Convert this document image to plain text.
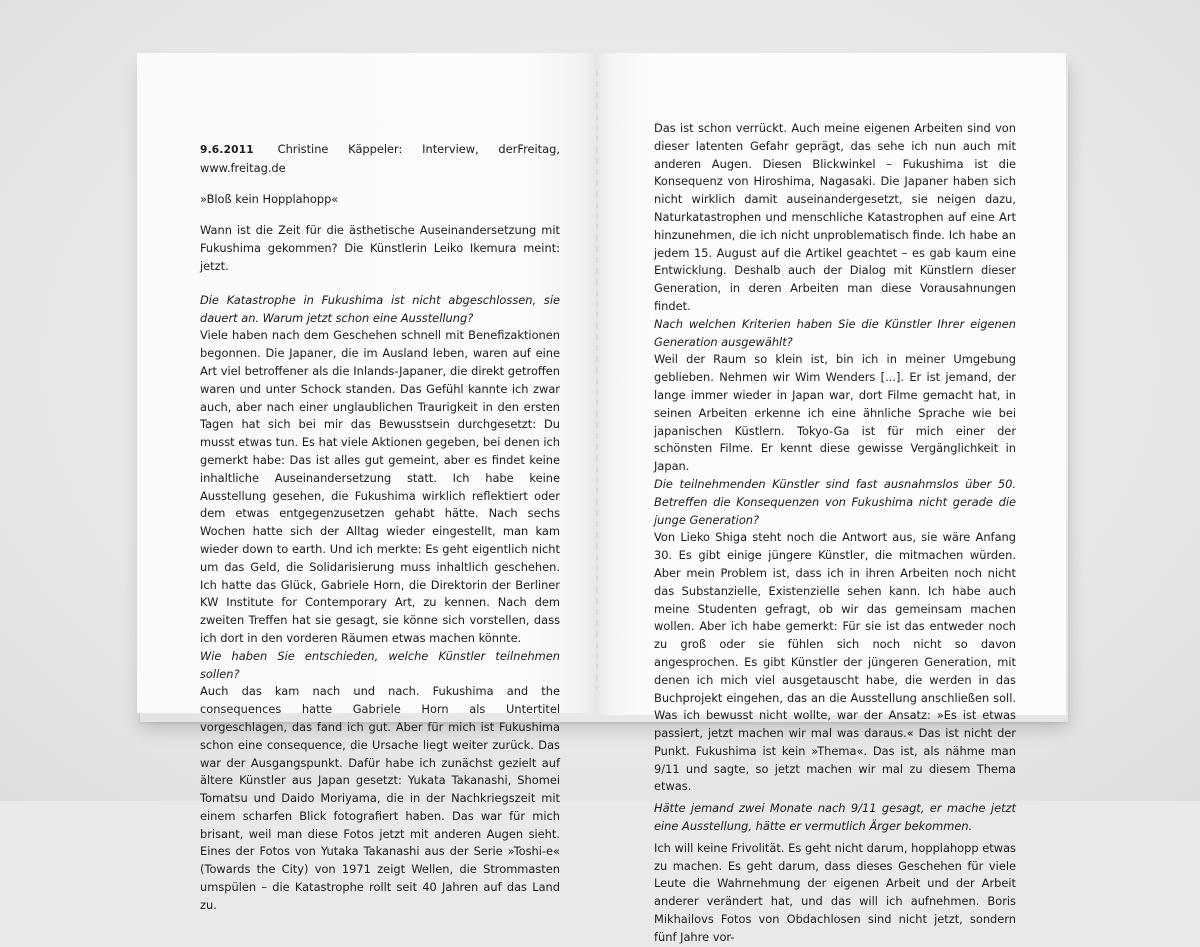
9.6.2011 Christine Käppeler: Interview, derFreitag, www.freitag.de

»Bloß kein Hopplahopp«

Wann ist die Zeit für die ästhetische Auseinandersetzung mit Fukushima gekommen? Die Künstlerin Leiko Ikemura meint: jetzt.

Die Katastrophe in Fukushima ist nicht abgeschlossen, sie dauert an. Warum jetzt schon eine Ausstellung?

Viele haben nach dem Geschehen schnell mit Benefizaktionen begonnen. Die Japaner, die im Ausland leben, waren auf eine Art viel betroffener als die Inlands-Japaner, die direkt getroffen waren und unter Schock standen. Das Gefühl kannte ich zwar auch, aber nach einer unglaublichen Traurigkeit in den ersten Tagen hat sich bei mir das Bewusstsein durchgesetzt: Du musst etwas tun. Es hat viele Aktionen gegeben, bei denen ich gemerkt habe: Das ist alles gut gemeint, aber es findet keine inhaltliche Auseinandersetzung statt. Ich habe keine Ausstellung gesehen, die Fukushima wirklich reflektiert oder dem etwas entgegenzusetzen gehabt hätte. Nach sechs Wochen hatte sich der Alltag wieder eingestellt, man kam wieder down to earth. Und ich merkte: Es geht eigentlich nicht um das Geld, die Solidarisierung muss inhaltlich geschehen. Ich hatte das Glück, Gabriele Horn, die Direktorin der Berliner KW Institute for Contemporary Art, zu kennen. Nach dem zweiten Treffen hat sie gesagt, sie könne sich vorstellen, dass ich dort in den vorderen Räumen etwas machen könnte.

Wie haben Sie entschieden, welche Künstler teilnehmen sollen?

Auch das kam nach und nach. Fukushima and the consequences hatte Gabriele Horn als Untertitel vorgeschlagen, das fand ich gut. Aber für mich ist Fukushima schon eine consequence, die Ursache liegt weiter zurück. Das war der Ausgangspunkt. Dafür habe ich zunächst gezielt auf ältere Künstler aus Japan gesetzt: Yukata Takanashi, Shomei Tomatsu und Daido Moriyama, die in der Nachkriegszeit mit einem scharfen Blick fotografiert haben. Das war für mich brisant, weil man diese Fotos jetzt mit anderen Augen sieht. Eines der Fotos von Yutaka Takanashi aus der Serie »Toshi-e« (Towards the City) von 1971 zeigt Wellen, die Strommasten umspülen – die Katastrophe rollt seit 40 Jahren auf das Land zu.

Das ist schon verrückt. Auch meine eigenen Arbeiten sind von dieser latenten Gefahr geprägt, das sehe ich nun auch mit anderen Augen. Diesen Blickwinkel – Fukushima ist die Konsequenz von Hiroshima, Nagasaki. Die Japaner haben sich nicht wirklich damit auseinandergesetzt, sie neigen dazu, Naturkatastrophen und menschliche Katastrophen auf eine Art hinzunehmen, die ich nicht unproblematisch finde. Ich habe an jedem 15. August auf die Artikel geachtet – es gab kaum eine Entwicklung. Deshalb auch der Dialog mit Künstlern dieser Generation, in deren Arbeiten man diese Vorausahnungen findet.

Nach welchen Kriterien haben Sie die Künstler Ihrer eigenen Generation ausgewählt?

Weil der Raum so klein ist, bin ich in meiner Umgebung geblieben. Nehmen wir Wim Wenders [...]. Er ist jemand, der lange immer wieder in Japan war, dort Filme gemacht hat, in seinen Arbeiten erkenne ich eine ähnliche Sprache wie bei japanischen Küstlern. Tokyo-Ga ist für mich einer der schönsten Filme. Er kennt diese gewisse Vergänglichkeit in Japan.

Die teilnehmenden Künstler sind fast ausnahmslos über 50. Betreffen die Konsequenzen von Fukushima nicht gerade die junge Generation?

Von Lieko Shiga steht noch die Antwort aus, sie wäre Anfang 30. Es gibt einige jüngere Künstler, die mitmachen würden. Aber mein Problem ist, dass ich in ihren Arbeiten noch nicht das Substanzielle, Existenzielle sehen kann. Ich habe auch meine Studenten gefragt, ob wir das gemeinsam machen wollen. Aber ich habe gemerkt: Für sie ist das entweder noch zu groß oder sie fühlen sich noch nicht so davon angesprochen. Es gibt Künstler der jüngeren Generation, mit denen ich mich viel ausgetauscht habe, die werden in das Buchprojekt eingehen, das an die Ausstellung anschließen soll. Was ich bewusst nicht wollte, war der Ansatz: »Es ist etwas passiert, jetzt machen wir mal was daraus.« Das ist nicht der Punkt. Fukushima ist kein »Thema«. Das ist, als nähme man 9/11 und sagte, so jetzt machen wir mal zu diesem Thema etwas.

Hätte jemand zwei Monate nach 9/11 gesagt, er mache jetzt eine Ausstellung, hätte er vermutlich Ärger bekommen.

Ich will keine Frivolität. Es geht nicht darum, hopplahopp etwas zu machen. Es geht darum, dass dieses Geschehen für viele Leute die Wahrnehmung der eigenen Arbeit und der Arbeit anderer verändert hat, und das will ich aufnehmen. Boris Mikhailovs Fotos von Obdachlosen sind nicht jetzt, sondern fünf Jahre vor-
